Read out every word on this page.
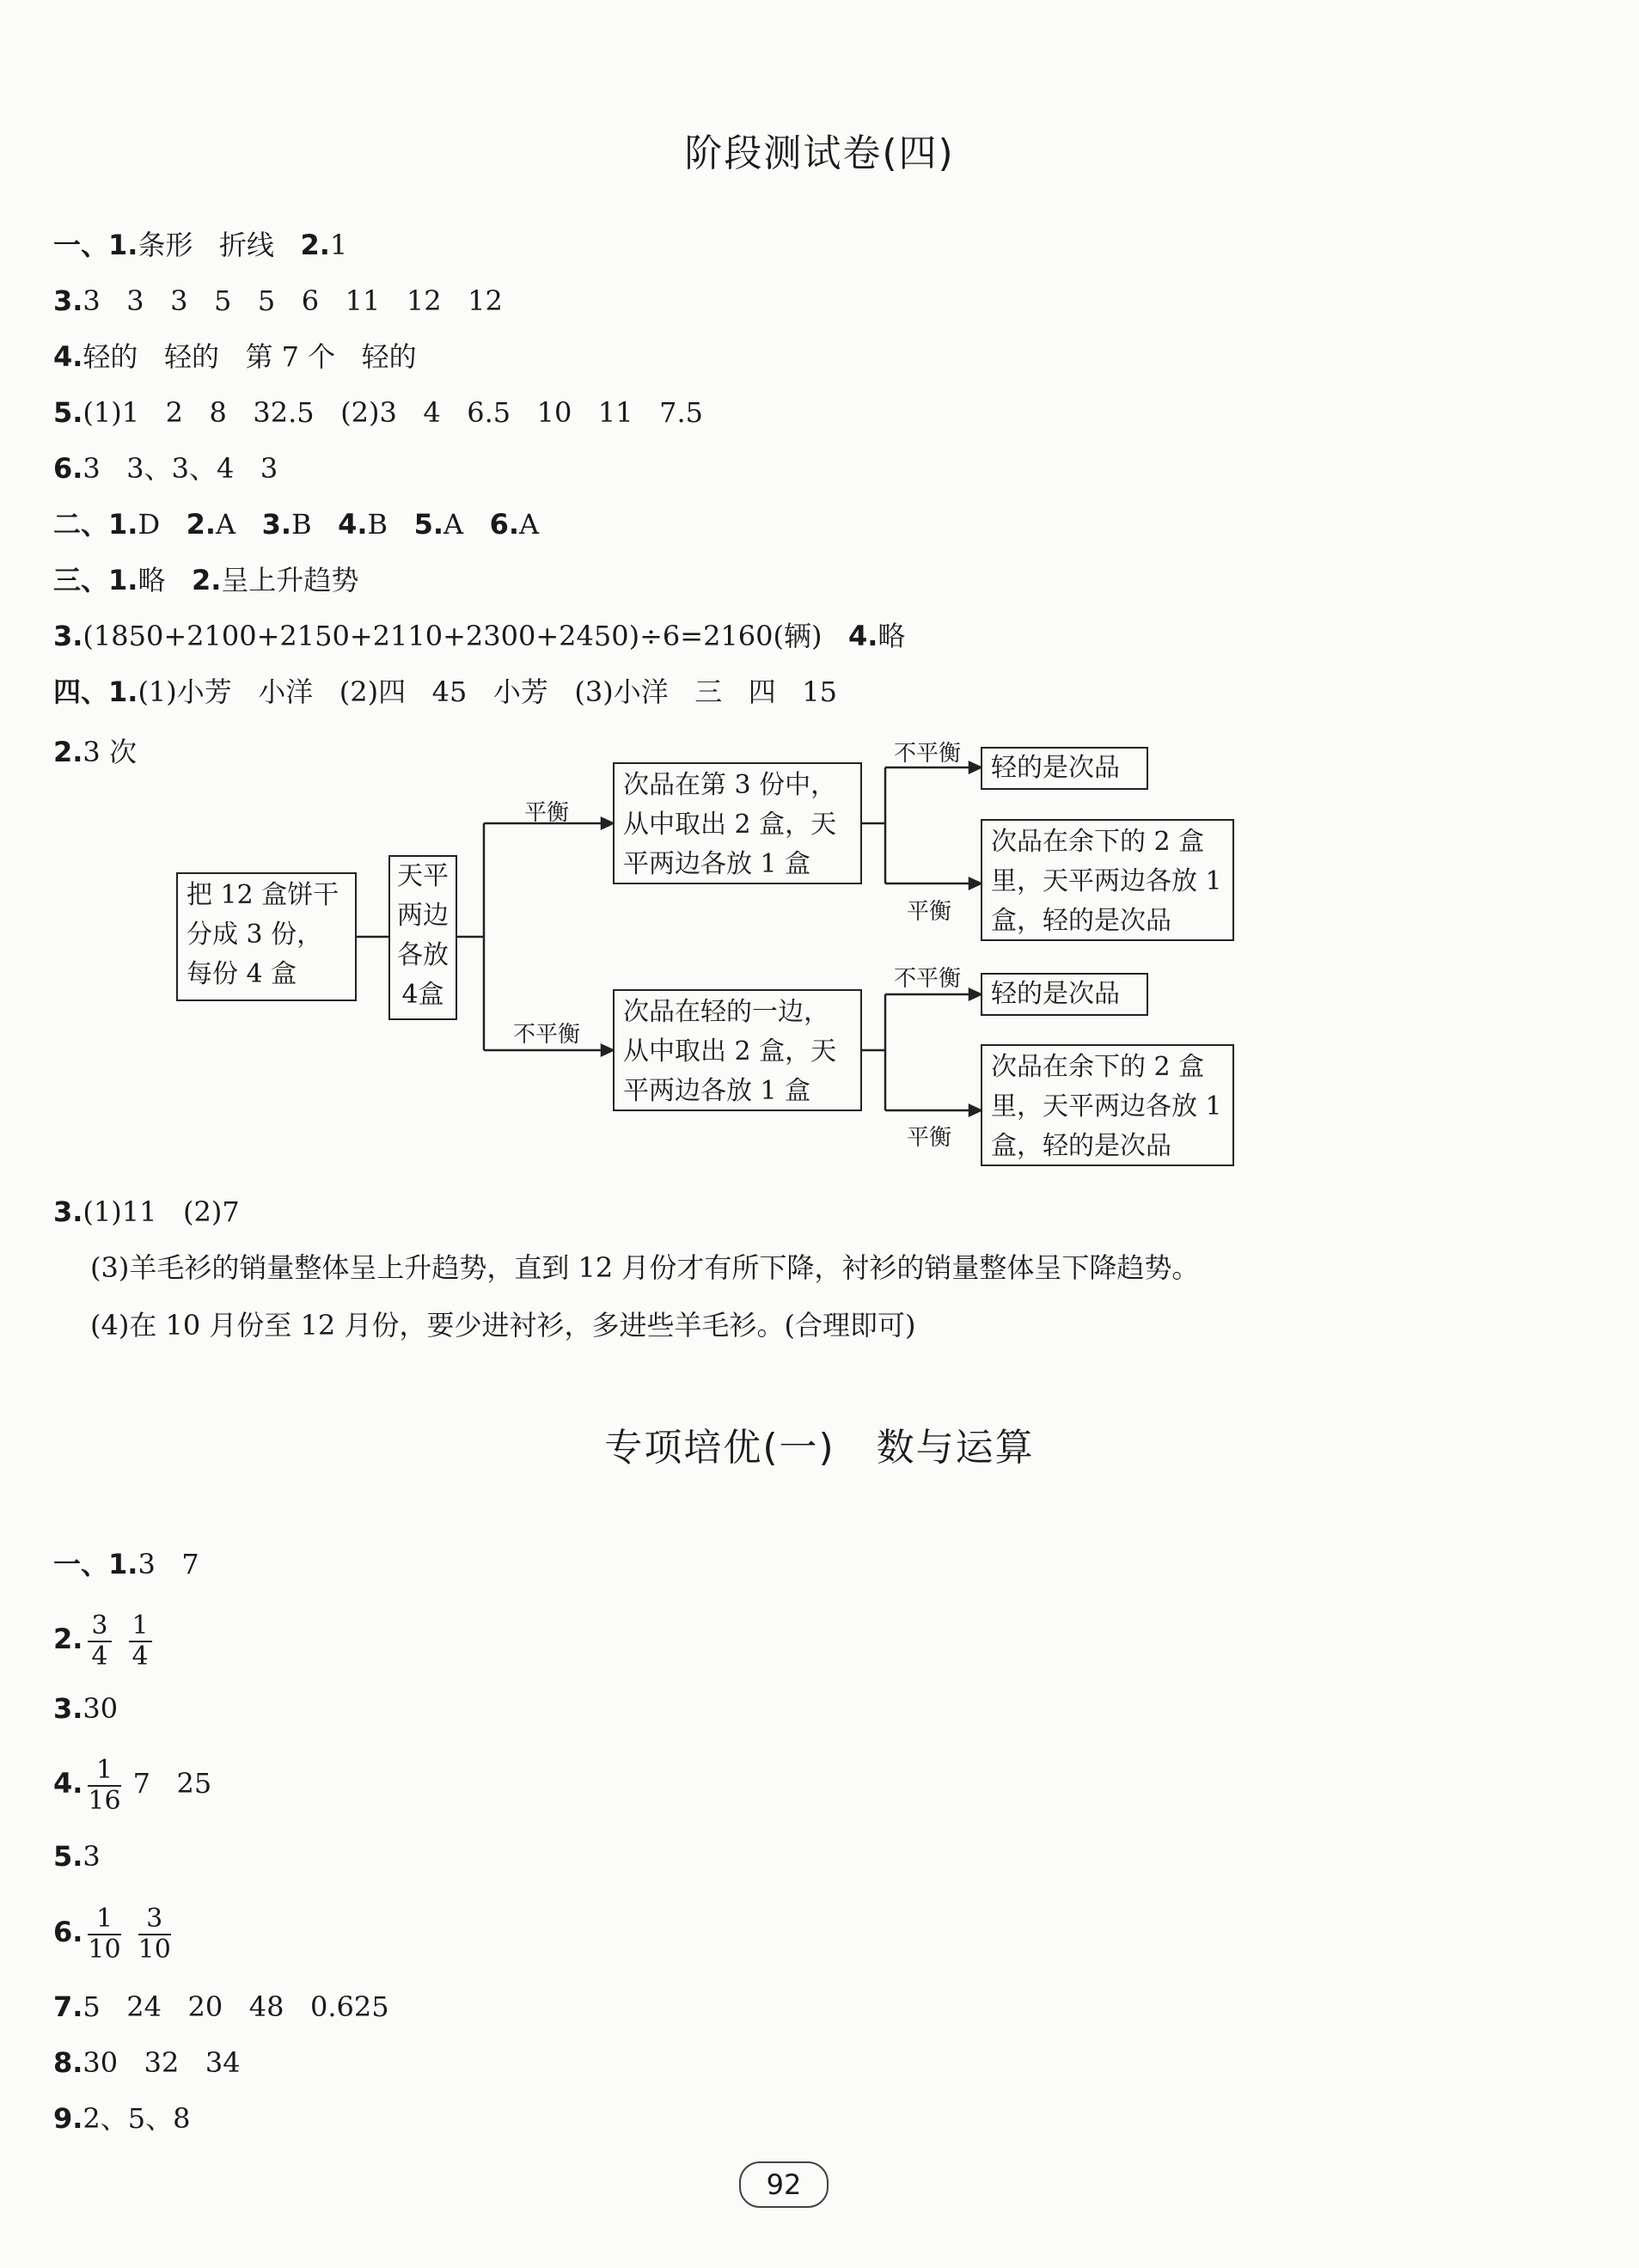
阶段测试卷(四)
一、1.条形   折线   2.1
3.3   3   3   5   5   6   11   12   12
4.轻的   轻的   第 7 个   轻的
5.(1)1   2   8   32.5   (2)3   4   6.5   10   11   7.5
6.3   3、3、4   3
二、1.D   2.A   3.B   4.B   5.A   6.A
三、1.略   2.呈上升趋势
3.(1850+2100+2150+2110+2300+2450)÷6=2160(辆)   4.略
四、1.(1)小芳   小洋   (2)四   45   小芳   (3)小洋   三   四   15
2.3 次
把 12 盒饼干分成 3 份，每份 4 盒
天平两边各放4盒
次品在第 3 份中，从中取出 2 盒，天平两边各放 1 盒
次品在轻的一边，从中取出 2 盒，天平两边各放 1 盒
轻的是次品
次品在余下的 2 盒里，天平两边各放 1 盒，轻的是次品
轻的是次品
次品在余下的 2 盒里，天平两边各放 1 盒，轻的是次品
平衡
不平衡
不平衡
平衡
不平衡
平衡
3.(1)11   (2)7
(3)羊毛衫的销量整体呈上升趋势，直到 12 月份才有所下降，衬衫的销量整体呈下降趋势。
(4)在 10 月份至 12 月份，要少进衬衫，多进些羊毛衫。(合理即可)
专项培优(一)   数与运算
一、1.3   7
2. $\frac{3}{4} \frac{1}{4}$
3.30
4. $\frac{1}{16} 7$   25
5.3
6. $\frac{1}{10} \frac{3}{10}$
7.5   24   20   48   0.625
8.30   32   34
9.2、5、8
92
